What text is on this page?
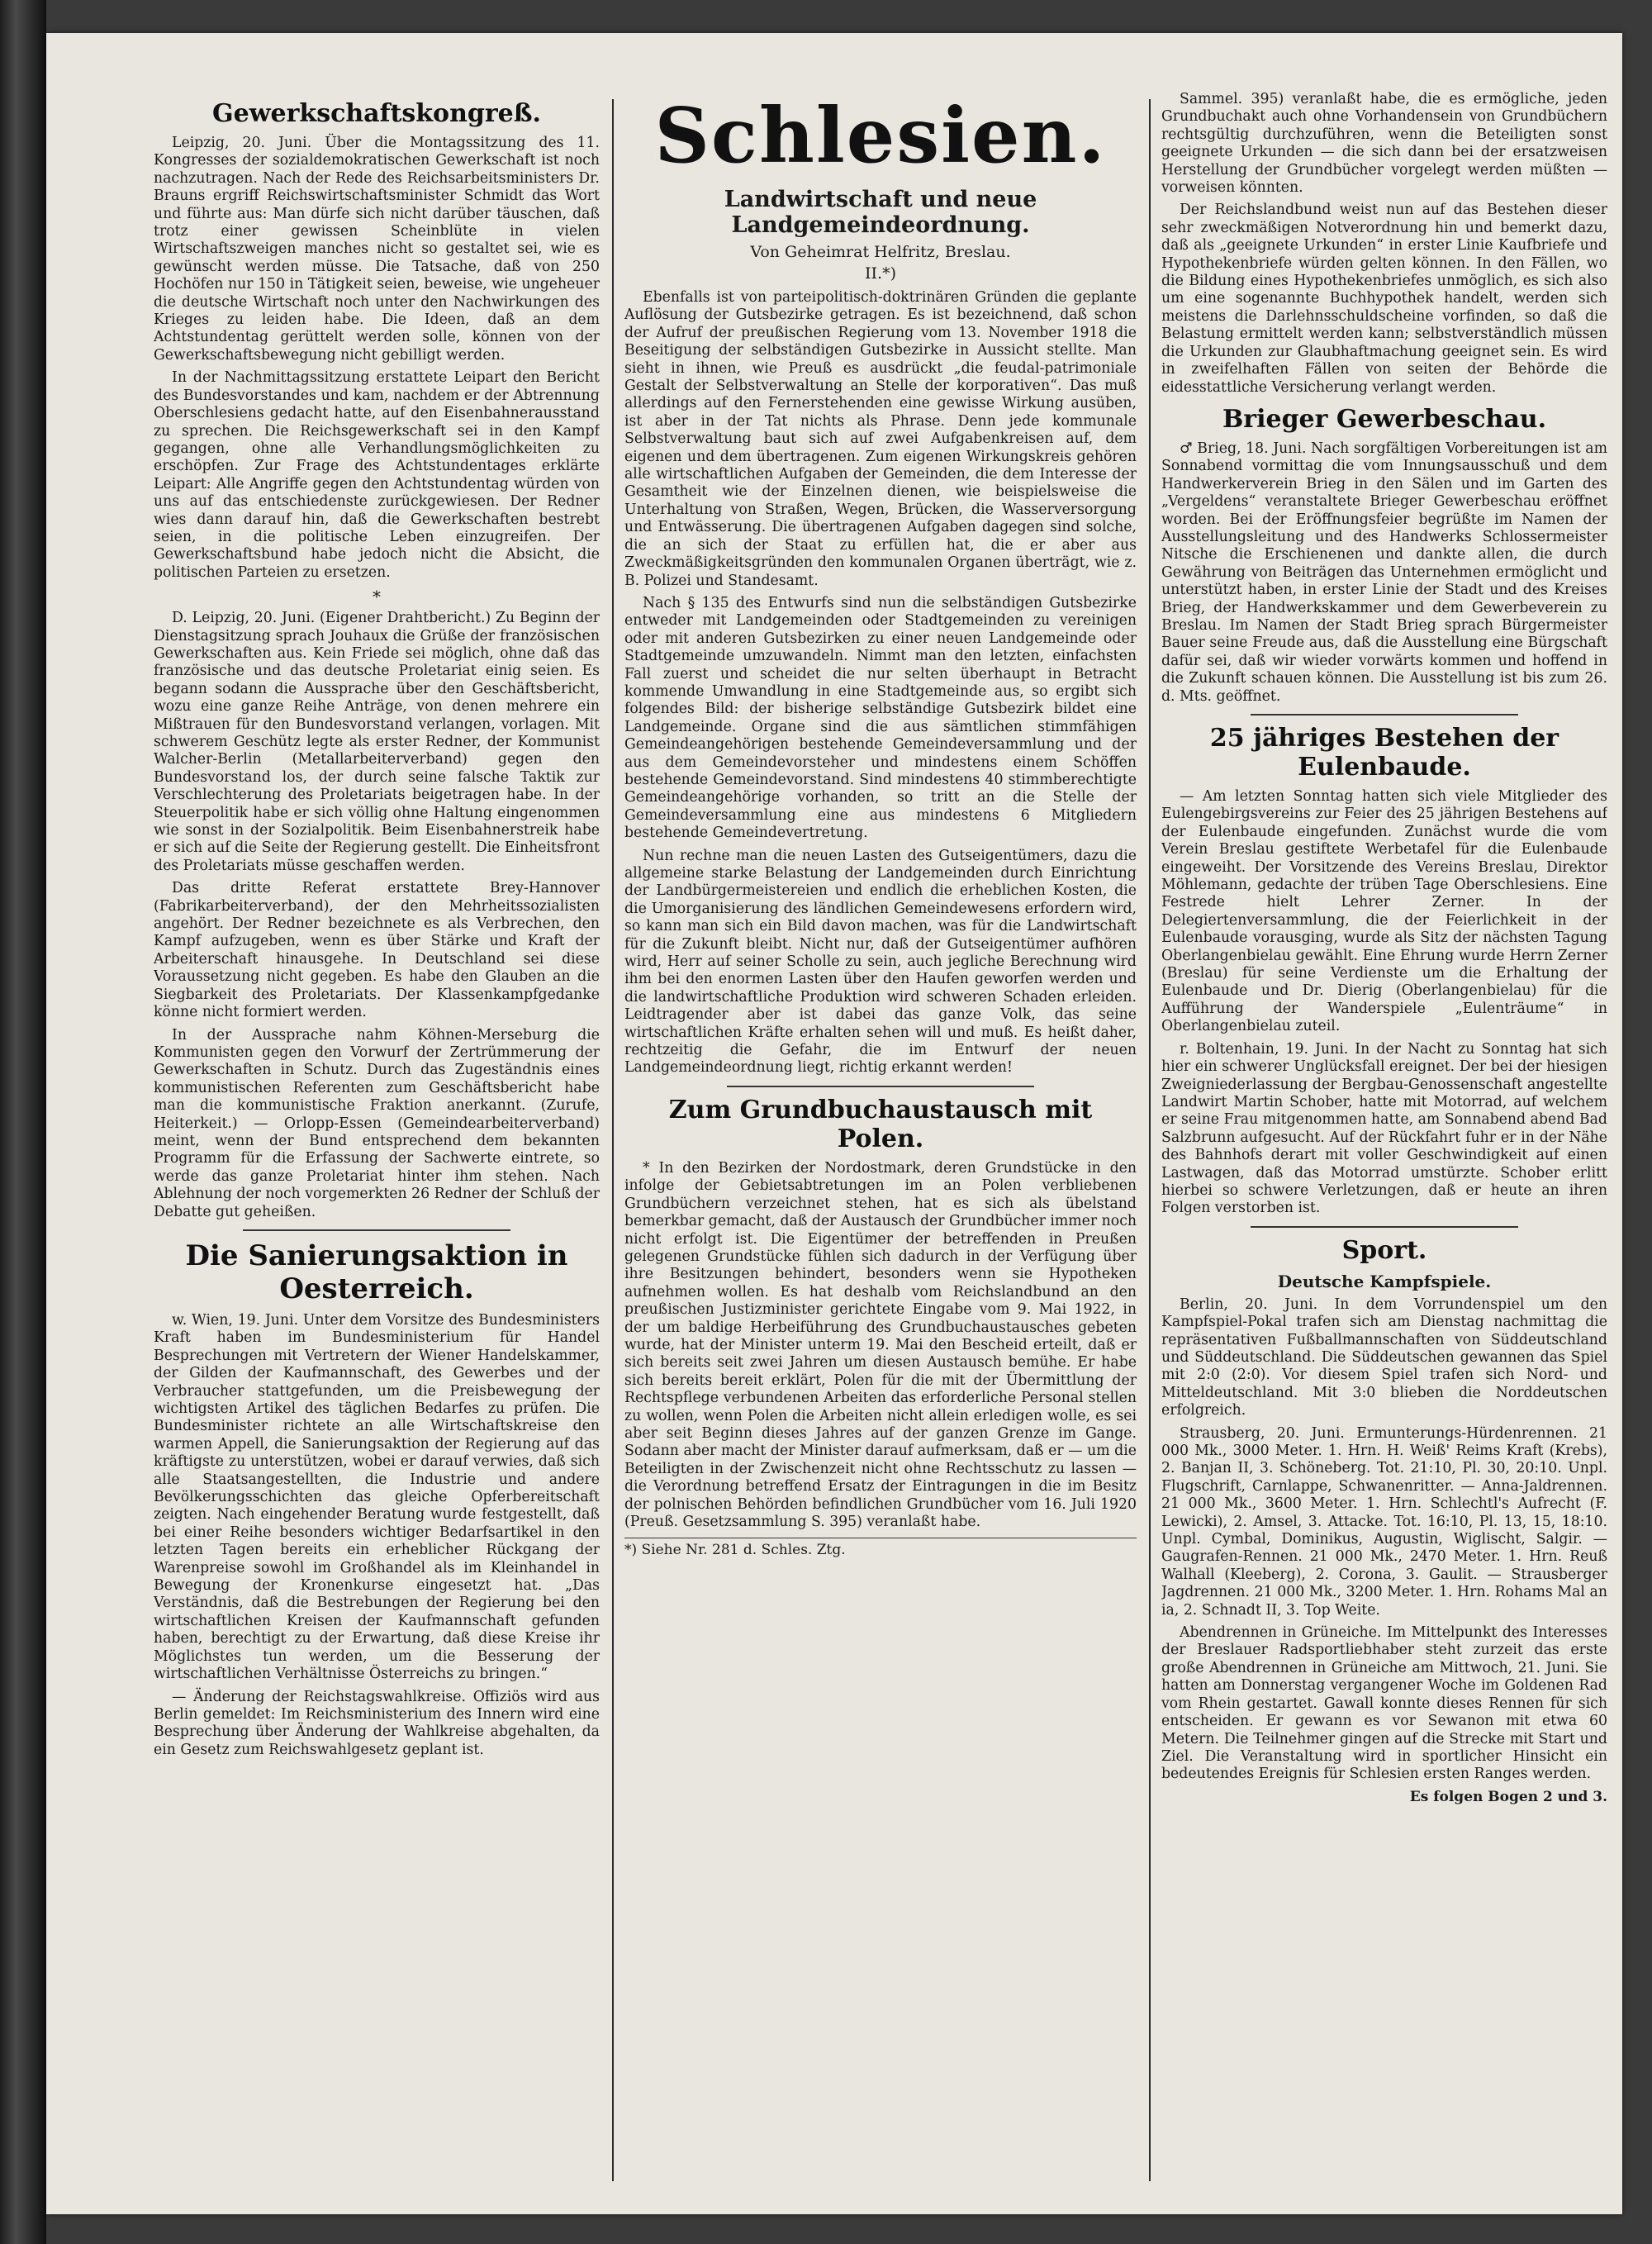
Gewerkschaftskongreß.

Leipzig, 20. Juni. Über die Montagssitzung des 11. Kongresses der sozialdemokratischen Gewerkschaft ist noch nachzutragen. Nach der Rede des Reichsarbeitsministers Dr. Brauns ergriff Reichswirtschaftsminister Schmidt das Wort und führte aus: Man dürfe sich nicht darüber täuschen, daß trotz einer gewissen Scheinblüte in vielen Wirtschaftszweigen manches nicht so gestaltet sei, wie es gewünscht werden müsse. Die Tatsache, daß von 250 Hochöfen nur 150 in Tätigkeit seien, beweise, wie ungeheuer die deutsche Wirtschaft noch unter den Nachwirkungen des Krieges zu leiden habe. Die Ideen, daß an dem Achtstundentag gerüttelt werden solle, können von der Gewerkschaftsbewegung nicht gebilligt werden.

In der Nachmittagssitzung erstattete Leipart den Bericht des Bundesvorstandes und kam, nachdem er der Abtrennung Oberschlesiens gedacht hatte, auf den Eisenbahnerausstand zu sprechen. Die Reichsgewerkschaft sei in den Kampf gegangen, ohne alle Verhandlungsmöglichkeiten zu erschöpfen. Zur Frage des Achtstundentages erklärte Leipart: Alle Angriffe gegen den Achtstundentag würden von uns auf das entschiedenste zurückgewiesen. Der Redner wies dann darauf hin, daß die Gewerkschaften bestrebt seien, in die politische Leben einzugreifen. Der Gewerkschaftsbund habe jedoch nicht die Absicht, die politischen Parteien zu ersetzen.

*

D. Leipzig, 20. Juni. (Eigener Drahtbericht.) Zu Beginn der Dienstagsitzung sprach Jouhaux die Grüße der französischen Gewerkschaften aus. Kein Friede sei möglich, ohne daß das französische und das deutsche Proletariat einig seien. Es begann sodann die Aussprache über den Geschäftsbericht, wozu eine ganze Reihe Anträge, von denen mehrere ein Mißtrauen für den Bundesvorstand verlangen, vorlagen. Mit schwerem Geschütz legte als erster Redner, der Kommunist Walcher-Berlin (Metallarbeiterverband) gegen den Bundesvorstand los, der durch seine falsche Taktik zur Verschlechterung des Proletariats beigetragen habe. In der Steuerpolitik habe er sich völlig ohne Haltung eingenommen wie sonst in der Sozialpolitik. Beim Eisenbahnerstreik habe er sich auf die Seite der Regierung gestellt. Die Einheitsfront des Proletariats müsse geschaffen werden.

Das dritte Referat erstattete Brey-Hannover (Fabrikarbeiterverband), der den Mehrheitssozialisten angehört. Der Redner bezeichnete es als Verbrechen, den Kampf aufzugeben, wenn es über Stärke und Kraft der Arbeiterschaft hinausgehe. In Deutschland sei diese Voraussetzung nicht gegeben. Es habe den Glauben an die Siegbarkeit des Proletariats. Der Klassenkampfgedanke könne nicht formiert werden.

In der Aussprache nahm Köhnen-Merseburg die Kommunisten gegen den Vorwurf der Zertrümmerung der Gewerkschaften in Schutz. Durch das Zugeständnis eines kommunistischen Referenten zum Geschäftsbericht habe man die kommunistische Fraktion anerkannt. (Zurufe, Heiterkeit.) — Orlopp-Essen (Gemeindearbeiterverband) meint, wenn der Bund entsprechend dem bekannten Programm für die Erfassung der Sachwerte eintrete, so werde das ganze Proletariat hinter ihm stehen. Nach Ablehnung der noch vorgemerkten 26 Redner der Schluß der Debatte gut geheißen.

Die Sanierungsaktion in Oesterreich.

w. Wien, 19. Juni. Unter dem Vorsitze des Bundesministers Kraft haben im Bundesministerium für Handel Besprechungen mit Vertretern der Wiener Handelskammer, der Gilden der Kaufmannschaft, des Gewerbes und der Verbraucher stattgefunden, um die Preisbewegung der wichtigsten Artikel des täglichen Bedarfes zu prüfen. Die Bundesminister richtete an alle Wirtschaftskreise den warmen Appell, die Sanierungsaktion der Regierung auf das kräftigste zu unterstützen, wobei er darauf verwies, daß sich alle Staatsangestellten, die Industrie und andere Bevölkerungsschichten das gleiche Opferbereitschaft zeigten. Nach eingehender Beratung wurde festgestellt, daß bei einer Reihe besonders wichtiger Bedarfsartikel in den letzten Tagen bereits ein erheblicher Rückgang der Warenpreise sowohl im Großhandel als im Kleinhandel in Bewegung der Kronenkurse eingesetzt hat. „Das Verständnis, daß die Bestrebungen der Regierung bei den wirtschaftlichen Kreisen der Kaufmannschaft gefunden haben, berechtigt zu der Erwartung, daß diese Kreise ihr Möglichstes tun werden, um die Besserung der wirtschaftlichen Verhältnisse Österreichs zu bringen.“

— Änderung der Reichstagswahlkreise. Offiziös wird aus Berlin gemeldet: Im Reichsministerium des Innern wird eine Besprechung über Änderung der Wahlkreise abgehalten, da ein Gesetz zum Reichswahlgesetz geplant ist.

Schlesien.
Landwirtschaft und neue Landgemeindeordnung.
Von Geheimrat Helfritz, Breslau.
II.*)

Ebenfalls ist von parteipolitisch-doktrinären Gründen die geplante Auflösung der Gutsbezirke getragen. Es ist bezeichnend, daß schon der Aufruf der preußischen Regierung vom 13. November 1918 die Beseitigung der selbständigen Gutsbezirke in Aussicht stellte. Man sieht in ihnen, wie Preuß es ausdrückt „die feudal-patrimoniale Gestalt der Selbstverwaltung an Stelle der korporativen“. Das muß allerdings auf den Fernerstehenden eine gewisse Wirkung ausüben, ist aber in der Tat nichts als Phrase. Denn jede kommunale Selbstverwaltung baut sich auf zwei Aufgabenkreisen auf, dem eigenen und dem übertragenen. Zum eigenen Wirkungskreis gehören alle wirtschaftlichen Aufgaben der Gemeinden, die dem Interesse der Gesamtheit wie der Einzelnen dienen, wie beispielsweise die Unterhaltung von Straßen, Wegen, Brücken, die Wasserversorgung und Entwässerung. Die übertragenen Aufgaben dagegen sind solche, die an sich der Staat zu erfüllen hat, die er aber aus Zweckmäßigkeitsgründen den kommunalen Organen überträgt, wie z. B. Polizei und Standesamt.

Nach § 135 des Entwurfs sind nun die selbständigen Gutsbezirke entweder mit Landgemeinden oder Stadtgemeinden zu vereinigen oder mit anderen Gutsbezirken zu einer neuen Landgemeinde oder Stadtgemeinde umzuwandeln. Nimmt man den letzten, einfachsten Fall zuerst und scheidet die nur selten überhaupt in Betracht kommende Umwandlung in eine Stadtgemeinde aus, so ergibt sich folgendes Bild: der bisherige selbständige Gutsbezirk bildet eine Landgemeinde. Organe sind die aus sämtlichen stimmfähigen Gemeindeangehörigen bestehende Gemeindeversammlung und der aus dem Gemeindevorsteher und mindestens einem Schöffen bestehende Gemeindevorstand. Sind mindestens 40 stimmberechtigte Gemeindeangehörige vorhanden, so tritt an die Stelle der Gemeindeversammlung eine aus mindestens 6 Mitgliedern bestehende Gemeindevertretung.

Nun rechne man die neuen Lasten des Gutseigentümers, dazu die allgemeine starke Belastung der Landgemeinden durch Einrichtung der Landbürgermeistereien und endlich die erheblichen Kosten, die die Umorganisierung des ländlichen Gemeindewesens erfordern wird, so kann man sich ein Bild davon machen, was für die Landwirtschaft für die Zukunft bleibt. Nicht nur, daß der Gutseigentümer aufhören wird, Herr auf seiner Scholle zu sein, auch jegliche Berechnung wird ihm bei den enormen Lasten über den Haufen geworfen werden und die landwirtschaftliche Produktion wird schweren Schaden erleiden. Leidtragender aber ist dabei das ganze Volk, das seine wirtschaftlichen Kräfte erhalten sehen will und muß. Es heißt daher, rechtzeitig die Gefahr, die im Entwurf der neuen Landgemeindeordnung liegt, richtig erkannt werden!

Zum Grundbuchaustausch mit Polen.

* In den Bezirken der Nordostmark, deren Grundstücke in den infolge der Gebietsabtretungen im an Polen verbliebenen Grundbüchern verzeichnet stehen, hat es sich als übelstand bemerkbar gemacht, daß der Austausch der Grundbücher immer noch nicht erfolgt ist. Die Eigentümer der betreffenden in Preußen gelegenen Grundstücke fühlen sich dadurch in der Verfügung über ihre Besitzungen behindert, besonders wenn sie Hypotheken aufnehmen wollen. Es hat deshalb vom Reichslandbund an den preußischen Justizminister gerichtete Eingabe vom 9. Mai 1922, in der um baldige Herbeiführung des Grundbuchaustausches gebeten wurde, hat der Minister unterm 19. Mai den Bescheid erteilt, daß er sich bereits seit zwei Jahren um diesen Austausch bemühe. Er habe sich bereits bereit erklärt, Polen für die mit der Übermittlung der Rechtspflege verbundenen Arbeiten das erforderliche Personal stellen zu wollen, wenn Polen die Arbeiten nicht allein erledigen wolle, es sei aber seit Beginn dieses Jahres auf der ganzen Grenze im Gange. Sodann aber macht der Minister darauf aufmerksam, daß er — um die Beteiligten in der Zwischenzeit nicht ohne Rechtsschutz zu lassen — die Verordnung betreffend Ersatz der Eintragungen in die im Besitz der polnischen Behörden befindlichen Grundbücher vom 16. Juli 1920 (Preuß. Gesetzsammlung S. 395) veranlaßt habe.

*) Siehe Nr. 281 d. Schles. Ztg.

Sammel. 395) veranlaßt habe, die es ermögliche, jeden Grundbuchakt auch ohne Vorhandensein von Grundbüchern rechtsgültig durchzuführen, wenn die Beteiligten sonst geeignete Urkunden — die sich dann bei der ersatzweisen Herstellung der Grundbücher vorgelegt werden müßten — vorweisen könnten.

Der Reichslandbund weist nun auf das Bestehen dieser sehr zweckmäßigen Notverordnung hin und bemerkt dazu, daß als „geeignete Urkunden“ in erster Linie Kaufbriefe und Hypothekenbriefe würden gelten können. In den Fällen, wo die Bildung eines Hypothekenbriefes unmöglich, es sich also um eine sogenannte Buchhypothek handelt, werden sich meistens die Darlehnsschuldscheine vorfinden, so daß die Belastung ermittelt werden kann; selbstverständlich müssen die Urkunden zur Glaubhaftmachung geeignet sein. Es wird in zweifelhaften Fällen von seiten der Behörde die eidesstattliche Versicherung verlangt werden.

Brieger Gewerbeschau.

♂ Brieg, 18. Juni. Nach sorgfältigen Vorbereitungen ist am Sonnabend vormittag die vom Innungsausschuß und dem Handwerkerverein Brieg in den Sälen und im Garten des „Vergeldens“ veranstaltete Brieger Gewerbeschau eröffnet worden. Bei der Eröffnungsfeier begrüßte im Namen der Ausstellungsleitung und des Handwerks Schlossermeister Nitsche die Erschienenen und dankte allen, die durch Gewährung von Beiträgen das Unternehmen ermöglicht und unterstützt haben, in erster Linie der Stadt und des Kreises Brieg, der Handwerkskammer und dem Gewerbeverein zu Breslau. Im Namen der Stadt Brieg sprach Bürgermeister Bauer seine Freude aus, daß die Ausstellung eine Bürgschaft dafür sei, daß wir wieder vorwärts kommen und hoffend in die Zukunft schauen können. Die Ausstellung ist bis zum 26. d. Mts. geöffnet.

25 jähriges Bestehen der Eulenbaude.

— Am letzten Sonntag hatten sich viele Mitglieder des Eulengebirgsvereins zur Feier des 25 jährigen Bestehens auf der Eulenbaude eingefunden. Zunächst wurde die vom Verein Breslau gestiftete Werbetafel für die Eulenbaude eingeweiht. Der Vorsitzende des Vereins Breslau, Direktor Möhlemann, gedachte der trüben Tage Oberschlesiens. Eine Festrede hielt Lehrer Zerner. In der Delegiertenversammlung, die der Feierlichkeit in der Eulenbaude vorausging, wurde als Sitz der nächsten Tagung Oberlangenbielau gewählt. Eine Ehrung wurde Herrn Zerner (Breslau) für seine Verdienste um die Erhaltung der Eulenbaude und Dr. Dierig (Oberlangenbielau) für die Aufführung der Wanderspiele „Eulenträume“ in Oberlangenbielau zuteil.

r. Boltenhain, 19. Juni. In der Nacht zu Sonntag hat sich hier ein schwerer Unglücksfall ereignet. Der bei der hiesigen Zweigniederlassung der Bergbau-Genossenschaft angestellte Landwirt Martin Schober, hatte mit Motorrad, auf welchem er seine Frau mitgenommen hatte, am Sonnabend abend Bad Salzbrunn aufgesucht. Auf der Rückfahrt fuhr er in der Nähe des Bahnhofs derart mit voller Geschwindigkeit auf einen Lastwagen, daß das Motorrad umstürzte. Schober erlitt hierbei so schwere Verletzungen, daß er heute an ihren Folgen verstorben ist.

Sport.
Deutsche Kampfspiele.

Berlin, 20. Juni. In dem Vorrundenspiel um den Kampfspiel-Pokal trafen sich am Dienstag nachmittag die repräsentativen Fußballmannschaften von Süddeutschland und Süddeutschland. Die Süddeutschen gewannen das Spiel mit 2:0 (2:0). Vor diesem Spiel trafen sich Nord- und Mitteldeutschland. Mit 3:0 blieben die Norddeutschen erfolgreich.

Strausberg, 20. Juni. Ermunterungs-Hürdenrennen. 21 000 Mk., 3000 Meter. 1. Hrn. H. Weiß' Reims Kraft (Krebs), 2. Banjan II, 3. Schöneberg. Tot. 21:10, Pl. 30, 20:10. Unpl. Flugschrift, Carnlappe, Schwanenritter. — Anna-Jaldrennen. 21 000 Mk., 3600 Meter. 1. Hrn. Schlechtl's Aufrecht (F. Lewicki), 2. Amsel, 3. Attacke. Tot. 16:10, Pl. 13, 15, 18:10. Unpl. Cymbal, Dominikus, Augustin, Wiglischt, Salgir. — Gaugrafen-Rennen. 21 000 Mk., 2470 Meter. 1. Hrn. Reuß Walhall (Kleeberg), 2. Corona, 3. Gaulit. — Strausberger Jagdrennen. 21 000 Mk., 3200 Meter. 1. Hrn. Rohams Mal an ia, 2. Schnadt II, 3. Top Weite.

Abendrennen in Grüneiche. Im Mittelpunkt des Interesses der Breslauer Radsportliebhaber steht zurzeit das erste große Abendrennen in Grüneiche am Mittwoch, 21. Juni. Sie hatten am Donnerstag vergangener Woche im Goldenen Rad vom Rhein gestartet. Gawall konnte dieses Rennen für sich entscheiden. Er gewann es vor Sewanon mit etwa 60 Metern. Die Teilnehmer gingen auf die Strecke mit Start und Ziel. Die Veranstaltung wird in sportlicher Hinsicht ein bedeutendes Ereignis für Schlesien ersten Ranges werden.

Es folgen Bogen 2 und 3.
